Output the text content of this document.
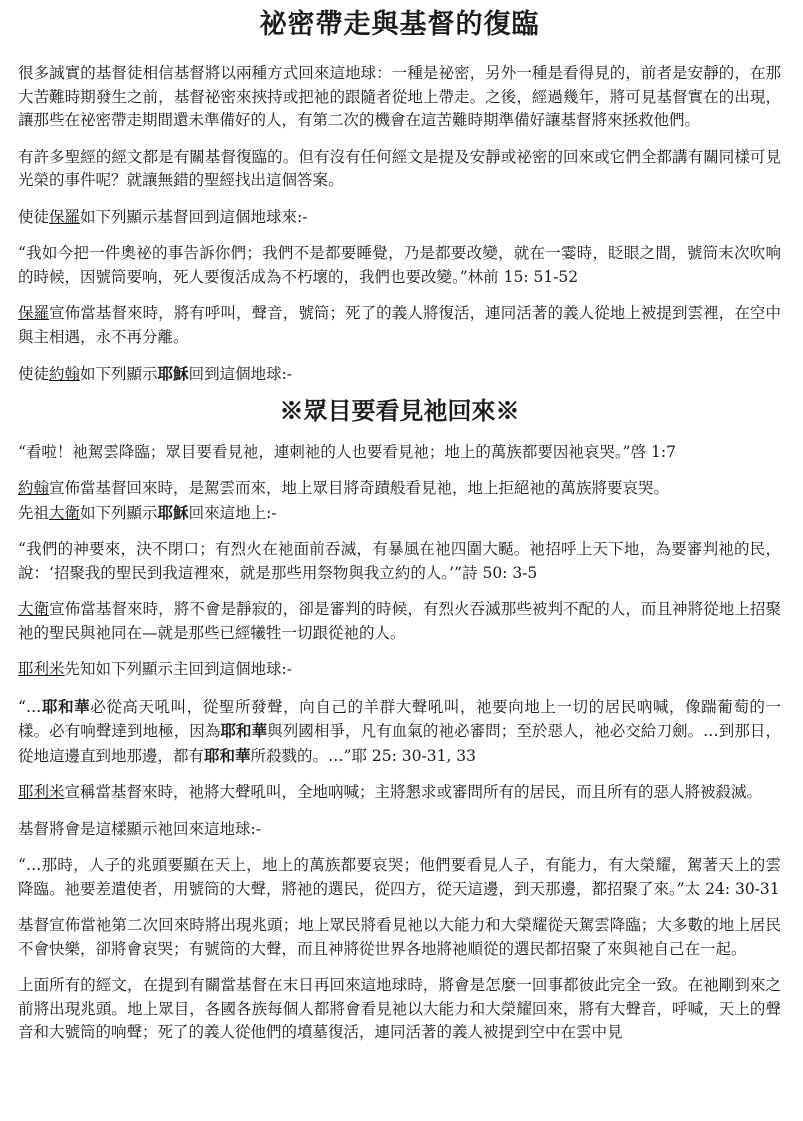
祕密帶走與基督的復臨

很多誠實的基督徒相信基督將以兩種方式回來這地球：一種是祕密，另外一種是看得見的，前者是安靜的，在那大苦難時期發生之前，基督祕密來挾持或把祂的跟隨者從地上帶走。之後，經過幾年，將可見基督實在的出現，讓那些在祕密帶走期間還未準備好的人，有第二次的機會在這苦難時期準備好讓基督將來拯救他們。

有許多聖經的經文都是有關基督復臨的。但有沒有任何經文是提及安靜或祕密的回來或它們全都講有關同樣可見光榮的事件呢？就讓無錯的聖經找出這個答案。

使徒保羅如下列顯示基督回到這個地球來:-

“我如今把一件奧祕的事告訴你們；我們不是都要睡覺，乃是都要改變，就在一霎時，眨眼之間，號筒末次吹响的時候，因號筒要响，死人要復活成為不朽壞的，我們也要改變。”林前 15: 51-52

保羅宣佈當基督來時，將有呼叫，聲音，號筒；死了的義人將復活，連同活著的義人從地上被提到雲裡，在空中與主相遇，永不再分離。

使徒約翰如下列顯示耶穌回到這個地球:-

※眾目要看見祂回來※

“看啦！祂駕雲降臨；眾目要看見祂，連刺祂的人也要看見祂；地上的萬族都要因祂哀哭。”啓 1:7

約翰宣佈當基督回來時，是駕雲而來，地上眾目將奇蹟般看見祂，地上拒絕祂的萬族將要哀哭。

先祖大衛如下列顯示耶穌回來這地上:-

“我們的神要來，決不閉口；有烈火在祂面前吞滅，有暴風在祂四圍大颳。祂招呼上天下地，為要審判祂的民，說：‘招聚我的聖民到我這裡來，就是那些用祭物與我立約的人。’”詩 50: 3-5

大衛宣佈當基督來時，將不會是靜寂的，卻是審判的時候，有烈火吞滅那些被判不配的人，而且神將從地上招聚祂的聖民與祂同在—就是那些已經犧牲一切跟從祂的人。

耶利米先知如下列顯示主回到這個地球:-

“…耶和華必從高天吼叫，從聖所發聲，向自己的羊群大聲吼叫，祂要向地上一切的居民吶喊，像踹葡萄的一樣。必有响聲達到地極，因為耶和華與列國相爭，凡有血氣的祂必審問；至於惡人，祂必交給刀劍。…到那日，從地這邊直到地那邊，都有耶和華所殺戮的。…”耶 25: 30-31, 33

耶利米宣稱當基督來時，祂將大聲吼叫，全地吶喊；主將懇求或審問所有的居民，而且所有的惡人將被殺滅。

基督將會是這樣顯示祂回來這地球:-

“…那時，人子的兆頭要顯在天上，地上的萬族都要哀哭；他們要看見人子，有能力，有大榮耀，駕著天上的雲降臨。祂要差遣使者，用號筒的大聲，將祂的選民，從四方，從天這邊，到天那邊，都招聚了來。”太 24: 30-31

基督宣佈當祂第二次回來時將出現兆頭；地上眾民將看見祂以大能力和大榮耀從天駕雲降臨；大多數的地上居民不會快樂，卻將會哀哭；有號筒的大聲，而且神將從世界各地將祂順從的選民都招聚了來與祂自己在一起。

上面所有的經文，在提到有關當基督在末日再回來這地球時，將會是怎麼一回事都彼此完全一致。在祂剛到來之前將出現兆頭。地上眾目，各國各族每個人都將會看見祂以大能力和大榮耀回來，將有大聲音，呼喊，天上的聲音和大號筒的响聲；死了的義人從他們的墳墓復活，連同活著的義人被提到空中在雲中見
